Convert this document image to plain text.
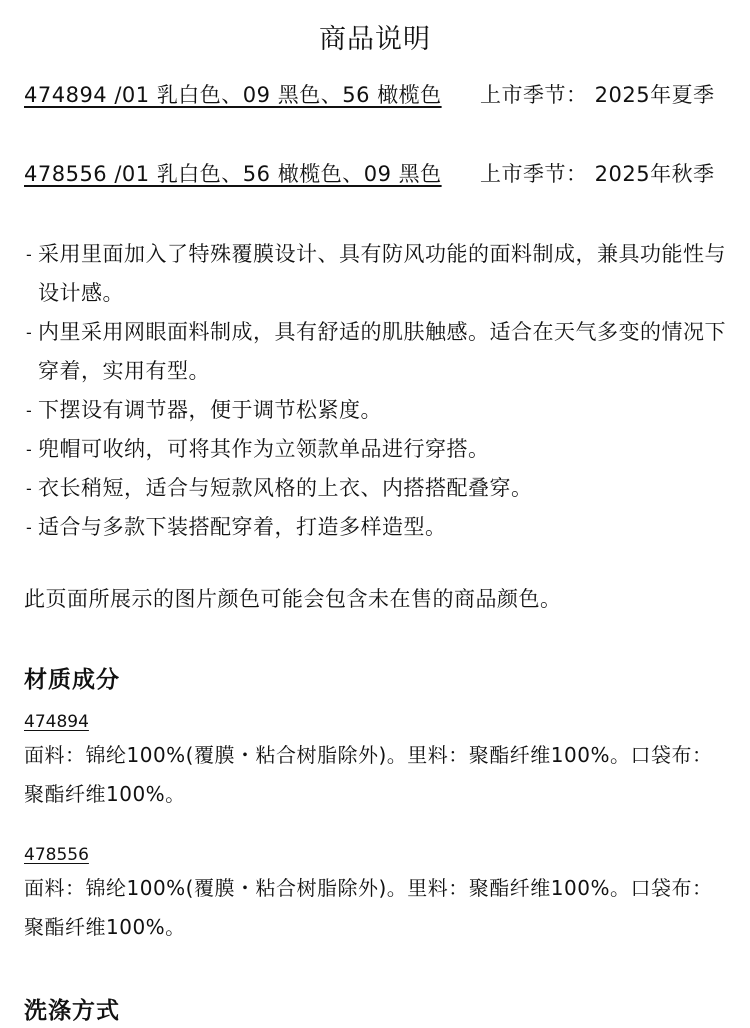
商品说明
474894 /01 乳白色、09 黑色、56 橄榄色	上市季节： 2025年夏季
478556 /01 乳白色、56 橄榄色、09 黑色	上市季节： 2025年秋季
- 采用里面加入了特殊覆膜设计、具有防风功能的面料制成，兼具功能性与设计感。
- 内里采用网眼面料制成，具有舒适的肌肤触感。适合在天气多变的情况下穿着，实用有型。
- 下摆设有调节器，便于调节松紧度。
- 兜帽可收纳，可将其作为立领款单品进行穿搭。
- 衣长稍短，适合与短款风格的上衣、内搭搭配叠穿。
- 适合与多款下装搭配穿着，打造多样造型。
此页面所展示的图片颜色可能会包含未在售的商品颜色。
材质成分
474894
面料：锦纶100%(覆膜・粘合树脂除外)。里料：聚酯纤维100%。口袋布：聚酯纤维100%。
478556
面料：锦纶100%(覆膜・粘合树脂除外)。里料：聚酯纤维100%。口袋布：聚酯纤维100%。
洗涤方式
